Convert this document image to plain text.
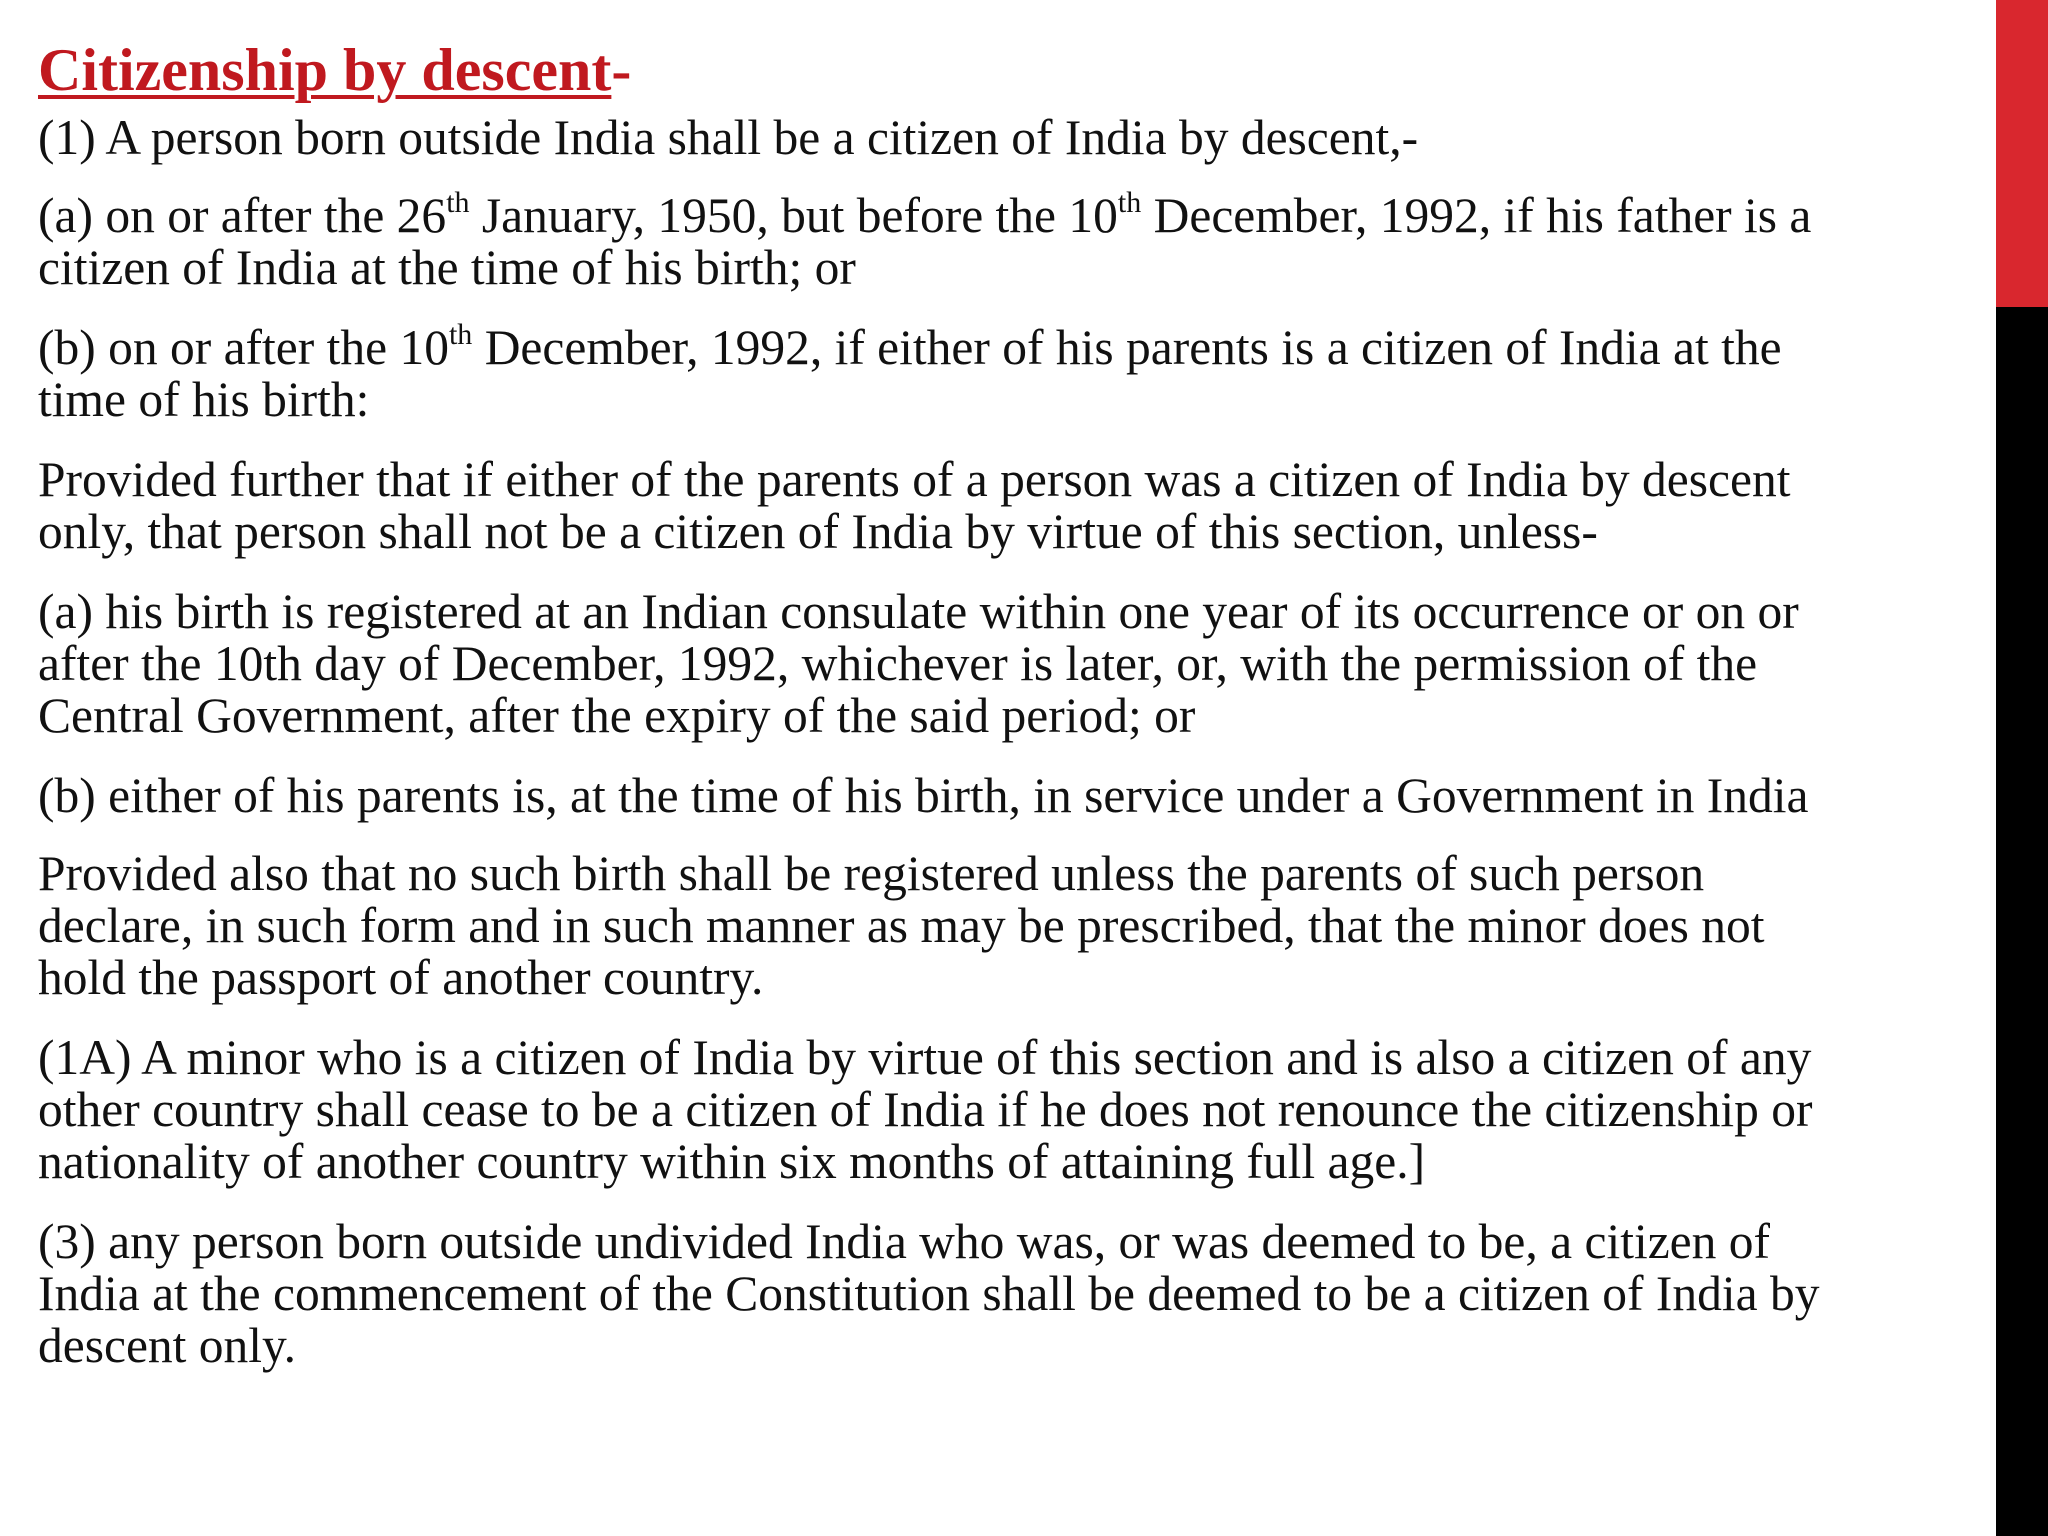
Citizenship by descent-
(1) A person born outside India shall be a citizen of India by descent,-
(a) on or after the 26th January, 1950, but before the 10th December, 1992, if his father is a
citizen of India at the time of his birth; or
(b) on or after the 10th December, 1992, if either of his parents is a citizen of India at the
time of his birth:
Provided further that if either of the parents of a person was a citizen of India by descent
only, that person shall not be a citizen of India by virtue of this section, unless-
(a) his birth is registered at an Indian consulate within one year of its occurrence or on or
after the 10th day of December, 1992, whichever is later, or, with the permission of the
Central Government, after the expiry of the said period; or
(b) either of his parents is, at the time of his birth, in service under a Government in India
Provided also that no such birth shall be registered unless the parents of such person
declare, in such form and in such manner as may be prescribed, that the minor does not
hold the passport of another country.
(1A) A minor who is a citizen of India by virtue of this section and is also a citizen of any
other country shall cease to be a citizen of India if he does not renounce the citizenship or
nationality of another country within six months of attaining full age.]
(3) any person born outside undivided India who was, or was deemed to be, a citizen of
India at the commencement of the Constitution shall be deemed to be a citizen of India by
descent only.
